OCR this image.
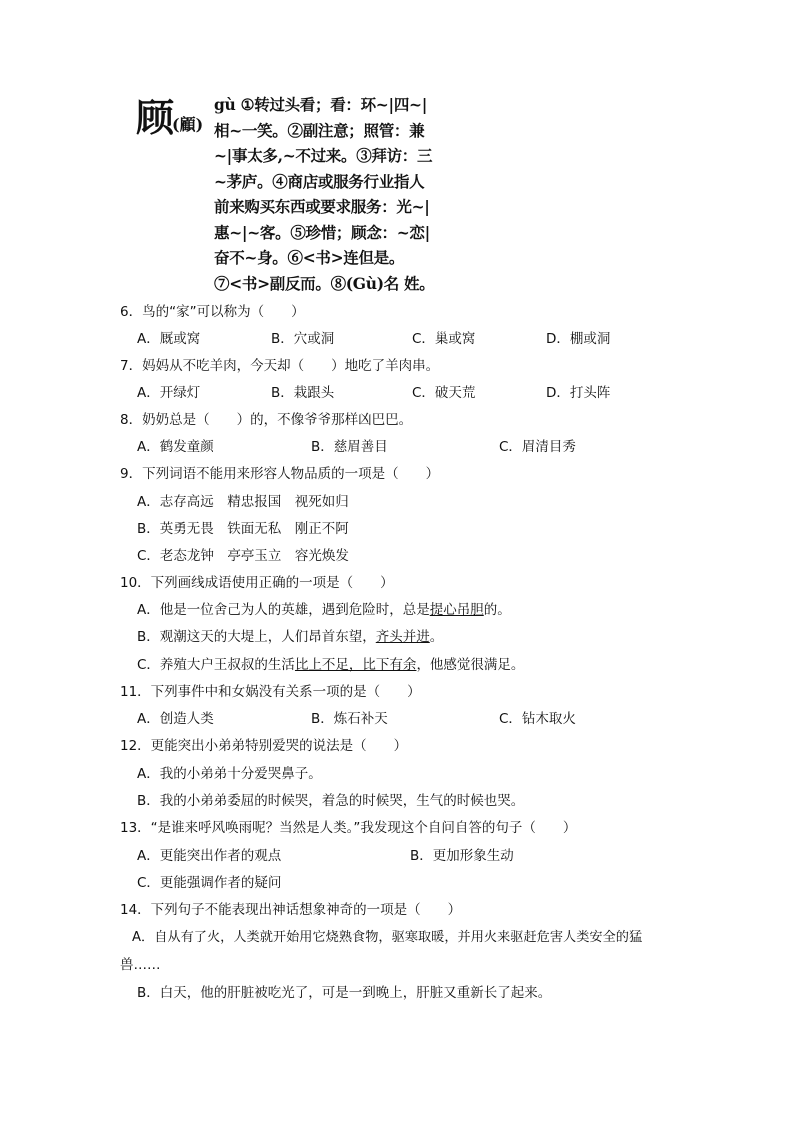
顾
(顧)
gù ①转过头看；看：环~|四~|
相~一笑。②副注意；照管：兼
~|事太多,~不过来。③拜访：三
~茅庐。④商店或服务行业指人
前来购买东西或要求服务：光~|
惠~|~客。⑤珍惜；顾念：~恋|
奋不~身。⑥<书>连但是。
⑦<书>副反而。⑧(Gù)名 姓。
6．鸟的“家”可以称为（　　）
A．厩或窝	B．穴或洞	C．巢或窝	D．棚或洞
7．妈妈从不吃羊肉，今天却（　　）地吃了羊肉串。
A．开绿灯	B．栽跟头	C．破天荒	D．打头阵
8．奶奶总是（　　）的，不像爷爷那样凶巴巴。
A．鹤发童颜	B．慈眉善目	C．眉清目秀
9．下列词语不能用来形容人物品质的一项是（　　）
A．志存高远　精忠报国　视死如归
B．英勇无畏　铁面无私　刚正不阿
C．老态龙钟　亭亭玉立　容光焕发
10．下列画线成语使用正确的一项是（　　）
A．他是一位舍己为人的英雄，遇到危险时，总是提心吊胆的。
B．观潮这天的大堤上，人们昂首东望，齐头并进。
C．养殖大户王叔叔的生活比上不足，比下有余，他感觉很满足。
11．下列事件中和女娲没有关系一项的是（　　）
A．创造人类	B．炼石补天	C．钻木取火
12．更能突出小弟弟特别爱哭的说法是（　　）
A．我的小弟弟十分爱哭鼻子。
B．我的小弟弟委屈的时候哭，着急的时候哭，生气的时候也哭。
13．“是谁来呼风唤雨呢？当然是人类。”我发现这个自问自答的句子（　　）
A．更能突出作者的观点	B．更加形象生动
C．更能强调作者的疑问
14．下列句子不能表现出神话想象神奇的一项是（　　）
A．自从有了火，人类就开始用它烧熟食物，驱寒取暖，并用火来驱赶危害人类安全的猛
兽……
B．白天，他的肝脏被吃光了，可是一到晚上，肝脏又重新长了起来。
